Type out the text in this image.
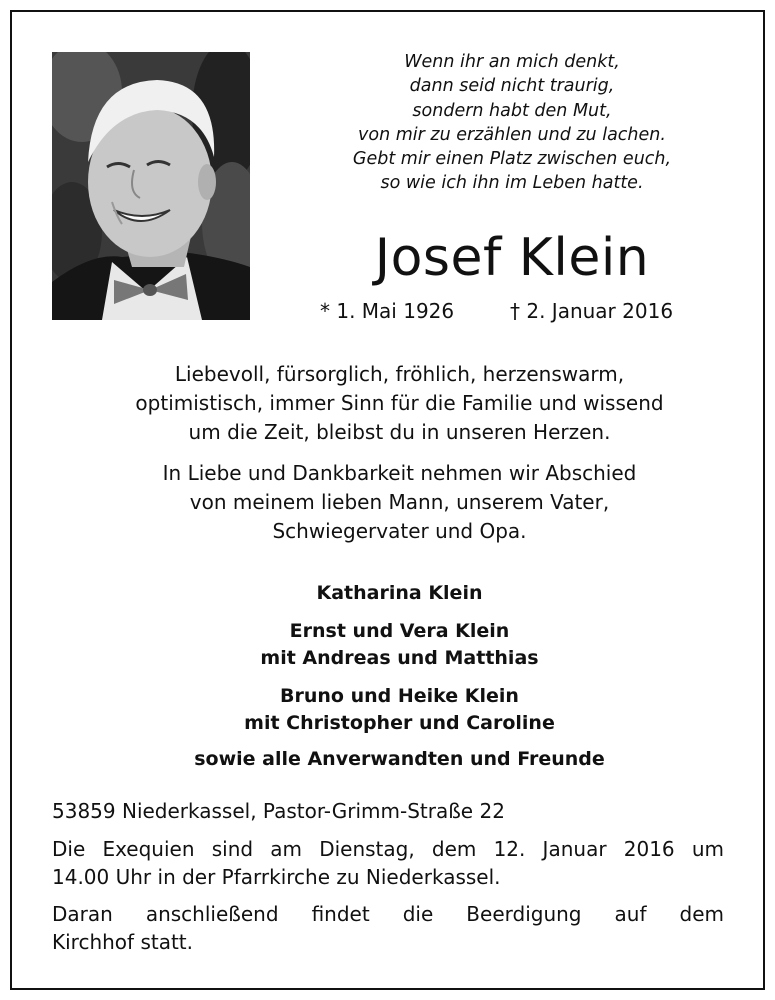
Wenn ihr an mich denkt,
dann seid nicht traurig,
sondern habt den Mut,
von mir zu erzählen und zu lachen.
Gebt mir einen Platz zwischen euch,
so wie ich ihn im Leben hatte.
Josef Klein
* 1. Mai 1926	† 2. Januar 2016
Liebevoll, fürsorglich, fröhlich, herzenswarm,
optimistisch, immer Sinn für die Familie und wissend
um die Zeit, bleibst du in unseren Herzen.
In Liebe und Dankbarkeit nehmen wir Abschied
von meinem lieben Mann, unserem Vater,
Schwiegervater und Opa.
Katharina Klein
Ernst und Vera Klein
mit Andreas und Matthias
Bruno und Heike Klein
mit Christopher und Caroline
sowie alle Anverwandten und Freunde
53859 Niederkassel, Pastor-Grimm-Straße 22
Die Exequien sind am Dienstag, dem 12. Januar 2016 um
14.00 Uhr in der Pfarrkirche zu Niederkassel.
Daran anschließend findet die Beerdigung auf dem
Kirchhof statt.
